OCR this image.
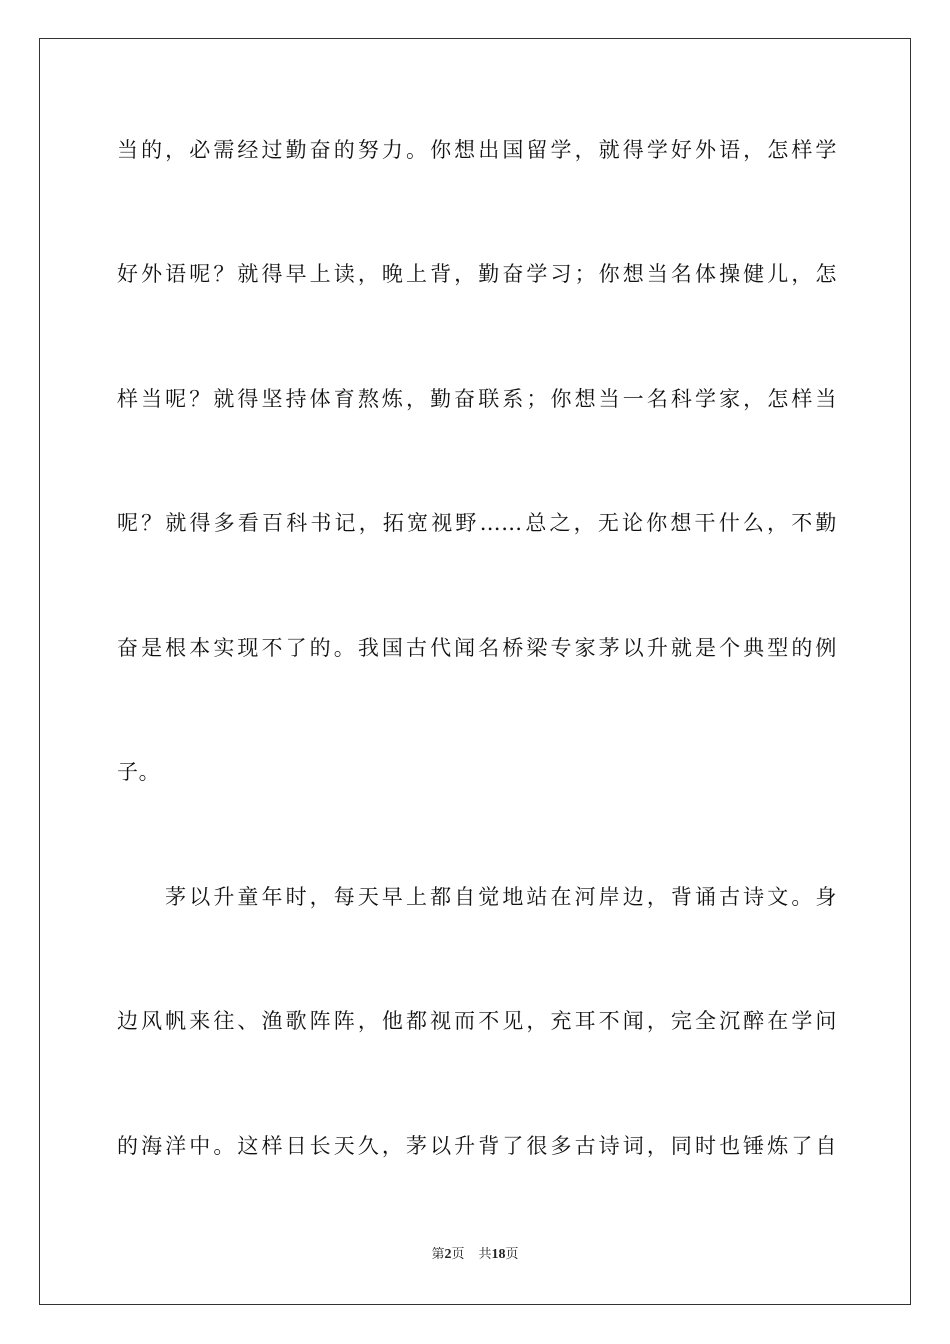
当的，必需经过勤奋的努力。你想出国留学，就得学好外语，怎样学
好外语呢？就得早上读，晚上背，勤奋学习；你想当名体操健儿，怎
样当呢？就得坚持体育熬炼，勤奋联系；你想当一名科学家，怎样当
呢？就得多看百科书记，拓宽视野……总之，无论你想干什么，不勤
奋是根本实现不了的。我国古代闻名桥梁专家茅以升就是个典型的例
子。
　　茅以升童年时，每天早上都自觉地站在河岸边，背诵古诗文。身
边风帆来往、渔歌阵阵，他都视而不见，充耳不闻，完全沉醉在学问
的海洋中。这样日长天久，茅以升背了很多古诗词，同时也锤炼了自
第2页 共18页
